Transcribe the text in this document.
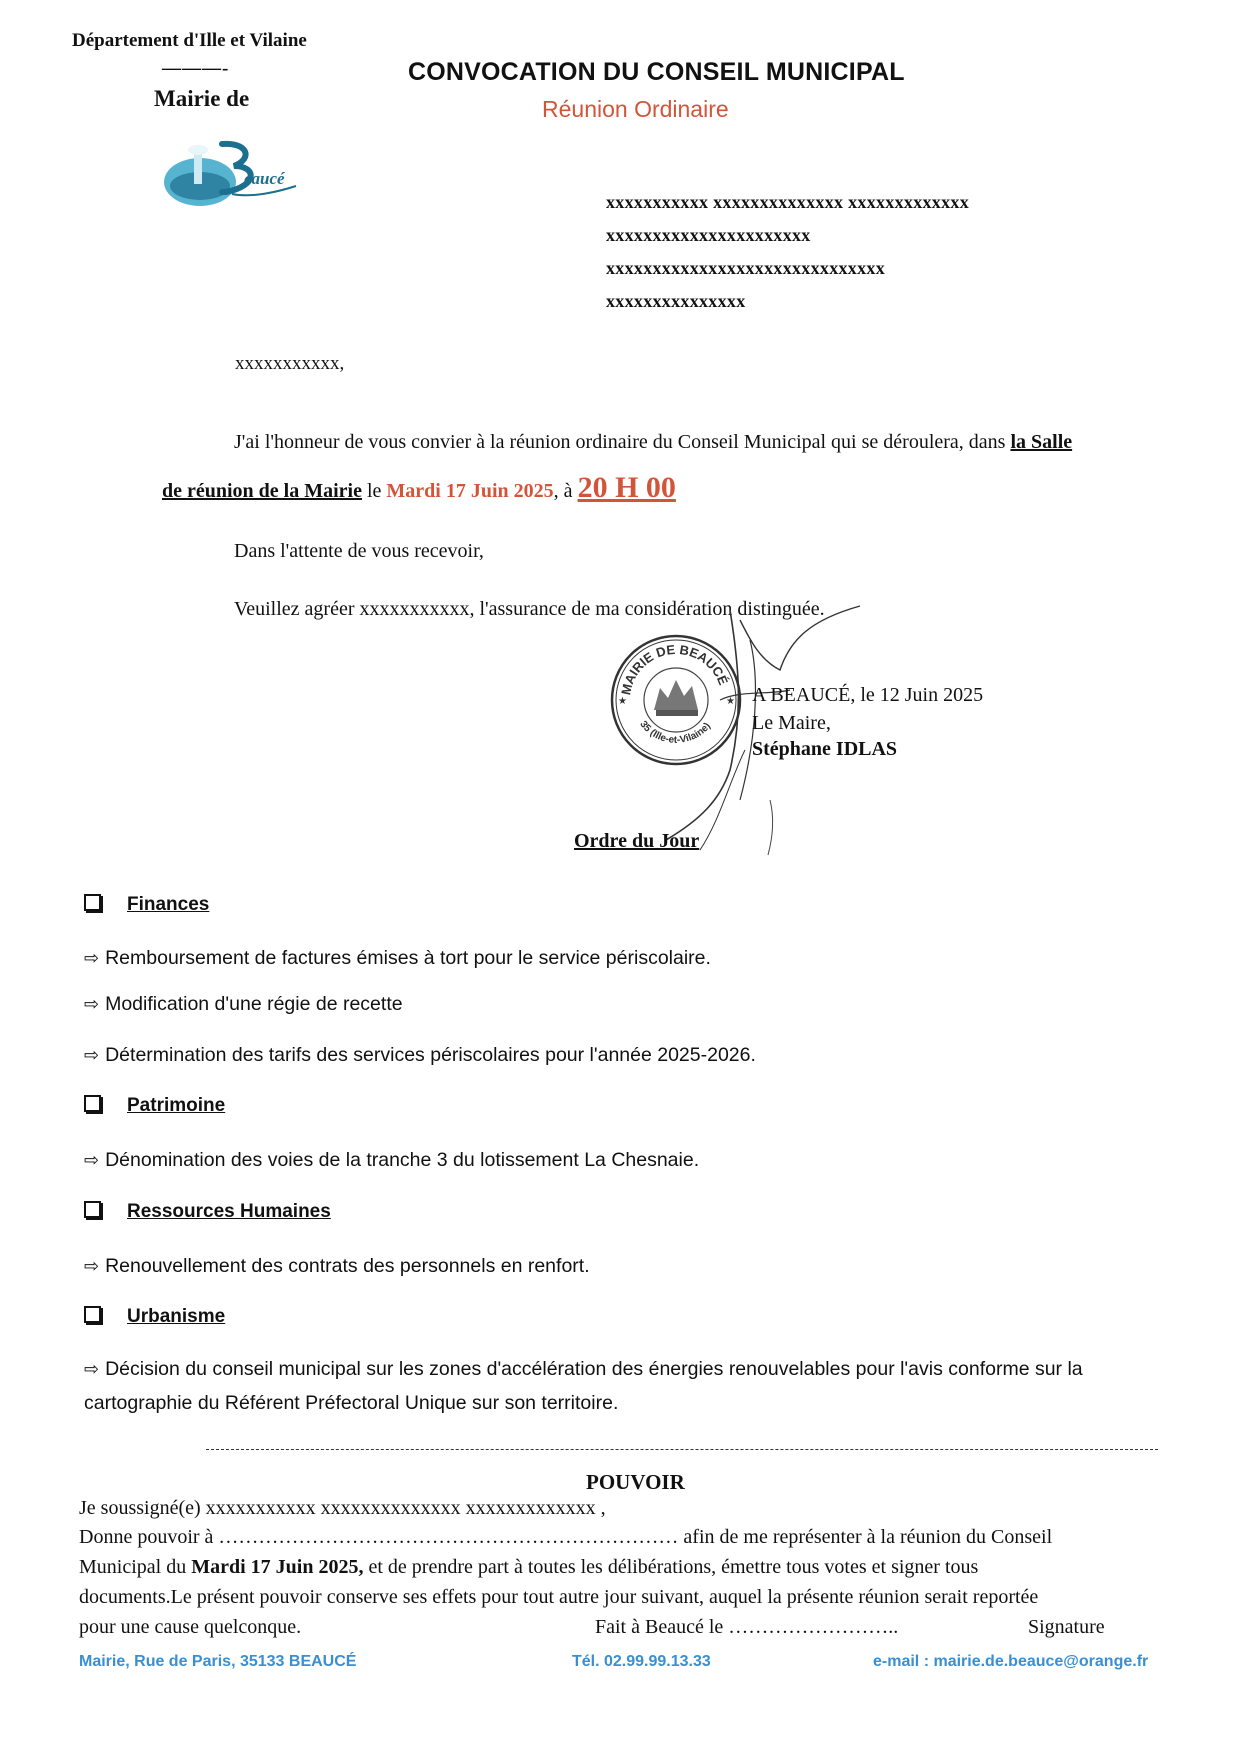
Département d'Ille et Vilaine
———-
Mairie de
eaucé
CONVOCATION DU CONSEIL MUNICIPAL
Réunion Ordinaire
xxxxxxxxxxx xxxxxxxxxxxxxx xxxxxxxxxxxxx
xxxxxxxxxxxxxxxxxxxxxx
xxxxxxxxxxxxxxxxxxxxxxxxxxxxxx
xxxxxxxxxxxxxxx
xxxxxxxxxxx,
J'ai l'honneur de vous convier à la réunion ordinaire du Conseil Municipal qui se déroulera, dans la Salle
de réunion de la Mairie le Mardi 17 Juin 2025, à 20 H 00
Dans l'attente de vous recevoir,
Veuillez agréer xxxxxxxxxxx, l'assurance de ma considération distinguée.
MAIRIE DE BEAUCÉ
35 (Ille-et-Vilaine)
★	★ A BEAUCÉ, le 12 Juin 2025
Le Maire,
Stéphane IDLAS
Ordre du Jour
Finances
⇨ Remboursement de factures émises à tort pour le service périscolaire.
⇨ Modification d'une régie de recette
⇨ Détermination des tarifs des services périscolaires pour l'année 2025-2026.
Patrimoine
⇨ Dénomination des voies de la tranche 3 du lotissement La Chesnaie.
Ressources Humaines
⇨ Renouvellement des contrats des personnels en renfort.
Urbanisme
⇨ Décision du conseil municipal sur les zones d'accélération des énergies renouvelables pour l'avis conforme sur la
cartographie du Référent Préfectoral Unique sur son territoire.
POUVOIR
Je soussigné(e) xxxxxxxxxxx xxxxxxxxxxxxxx xxxxxxxxxxxxx ,
Donne pouvoir à …………………………………………………………… afin de me représenter à la réunion du Conseil
Municipal du Mardi 17 Juin 2025, et de prendre part à toutes les délibérations, émettre tous votes et signer tous
documents.Le présent pouvoir conserve ses effets pour tout autre jour suivant, auquel la présente réunion serait reportée
pour une cause quelconque.	Fait à Beaucé le ……………………..	Signature
Mairie, Rue de Paris, 35133 BEAUCÉ	Tél. 02.99.99.13.33	e-mail : mairie.de.beauce@orange.fr
